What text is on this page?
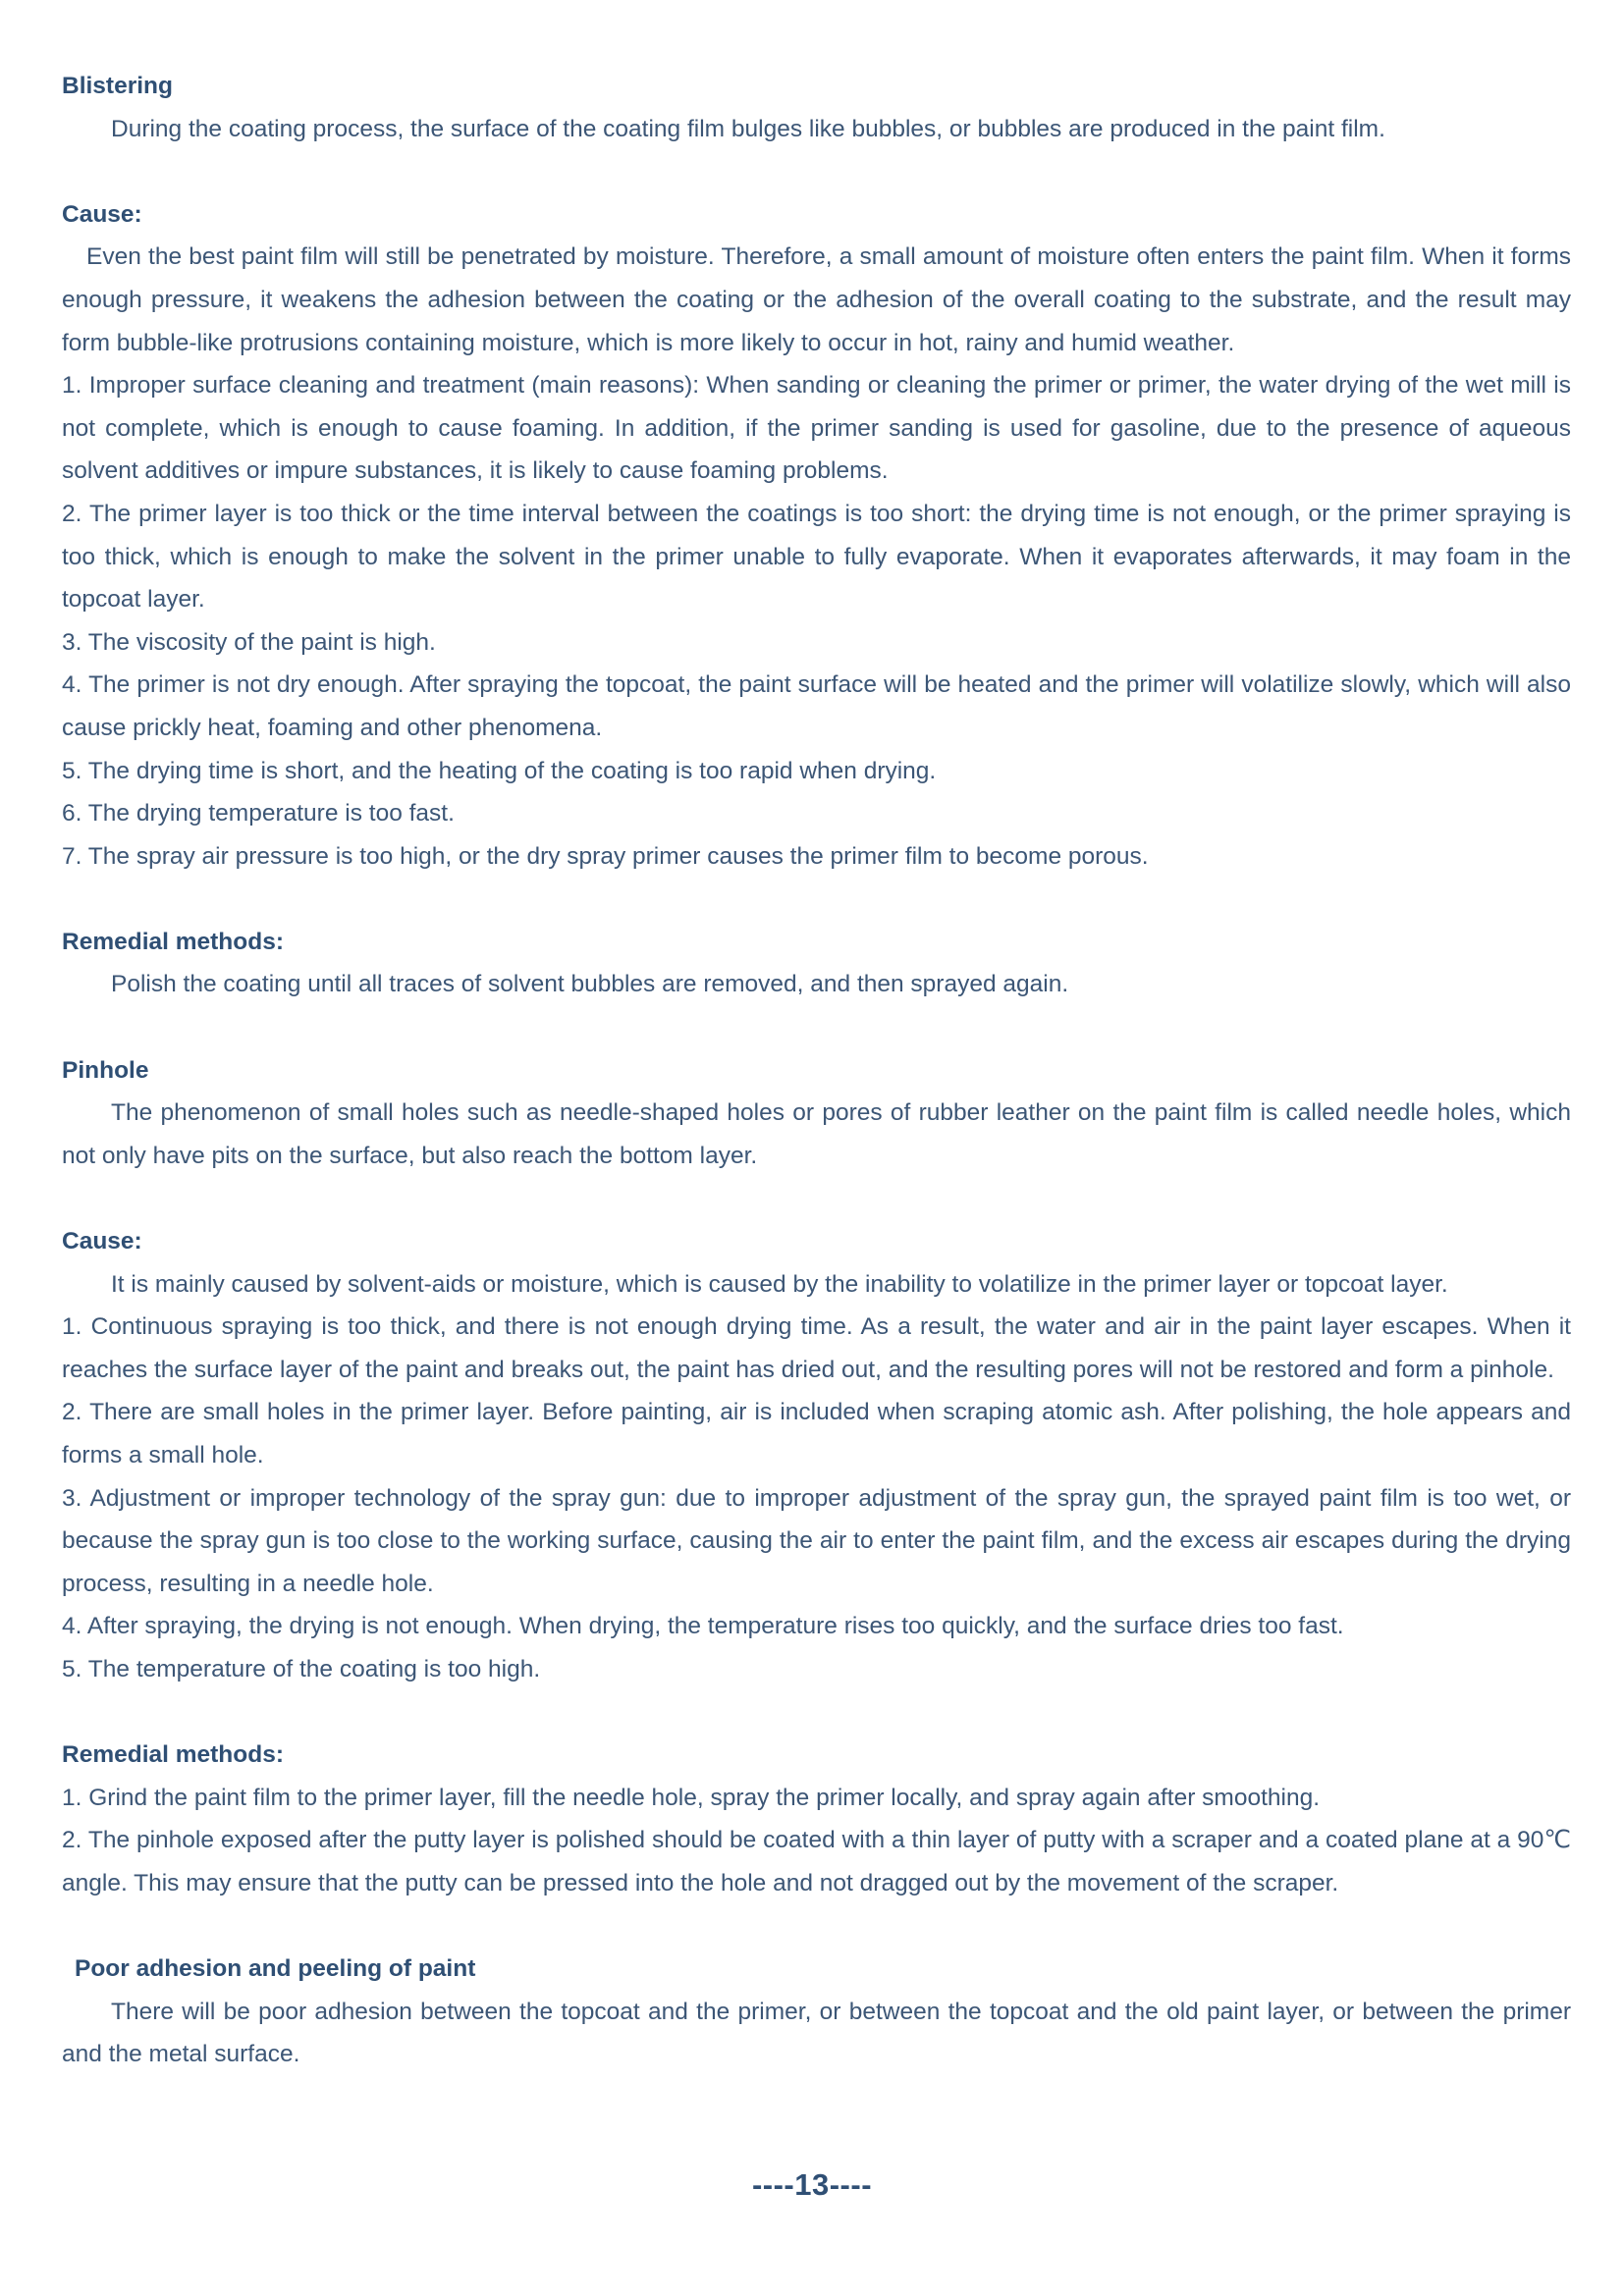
Blistering

During the coating process, the surface of the coating film bulges like bubbles, or bubbles are produced in the paint film.

Cause:

Even the best paint film will still be penetrated by moisture. Therefore, a small amount of moisture often enters the paint film. When it forms enough pressure, it weakens the adhesion between the coating or the adhesion of the overall coating to the substrate, and the result may form bubble-like protrusions containing moisture, which is more likely to occur in hot, rainy and humid weather.

1. Improper surface cleaning and treatment (main reasons): When sanding or cleaning the primer or primer, the water drying of the wet mill is not complete, which is enough to cause foaming. In addition, if the primer sanding is used for gasoline, due to the presence of aqueous solvent additives or impure substances, it is likely to cause foaming problems.

2. The primer layer is too thick or the time interval between the coatings is too short: the drying time is not enough, or the primer spraying is too thick, which is enough to make the solvent in the primer unable to fully evaporate. When it evaporates afterwards, it may foam in the topcoat layer.

3. The viscosity of the paint is high.

4. The primer is not dry enough. After spraying the topcoat, the paint surface will be heated and the primer will volatilize slowly, which will also cause prickly heat, foaming and other phenomena.

5. The drying time is short, and the heating of the coating is too rapid when drying.

6. The drying temperature is too fast.

7. The spray air pressure is too high, or the dry spray primer causes the primer film to become porous.

Remedial methods:

Polish the coating until all traces of solvent bubbles are removed, and then sprayed again.

Pinhole

The phenomenon of small holes such as needle-shaped holes or pores of rubber leather on the paint film is called needle holes, which not only have pits on the surface, but also reach the bottom layer.

Cause:

It is mainly caused by solvent-aids or moisture, which is caused by the inability to volatilize in the primer layer or topcoat layer.

1. Continuous spraying is too thick, and there is not enough drying time. As a result, the water and air in the paint layer escapes. When it reaches the surface layer of the paint and breaks out, the paint has dried out, and the resulting pores will not be restored and form a pinhole.

2. There are small holes in the primer layer. Before painting, air is included when scraping atomic ash. After polishing, the hole appears and forms a small hole.

3. Adjustment or improper technology of the spray gun: due to improper adjustment of the spray gun, the sprayed paint film is too wet, or because the spray gun is too close to the working surface, causing the air to enter the paint film, and the excess air escapes during the drying process, resulting in a needle hole.

4. After spraying, the drying is not enough. When drying, the temperature rises too quickly, and the surface dries too fast.

5. The temperature of the coating is too high.

Remedial methods:

1. Grind the paint film to the primer layer, fill the needle hole, spray the primer locally, and spray again after smoothing.

2. The pinhole exposed after the putty layer is polished should be coated with a thin layer of putty with a scraper and a coated plane at a 90℃ angle. This may ensure that the putty can be pressed into the hole and not dragged out by the movement of the scraper.

Poor adhesion and peeling of paint

There will be poor adhesion between the topcoat and the primer, or between the topcoat and the old paint layer, or between the primer and the metal surface.

----13----
